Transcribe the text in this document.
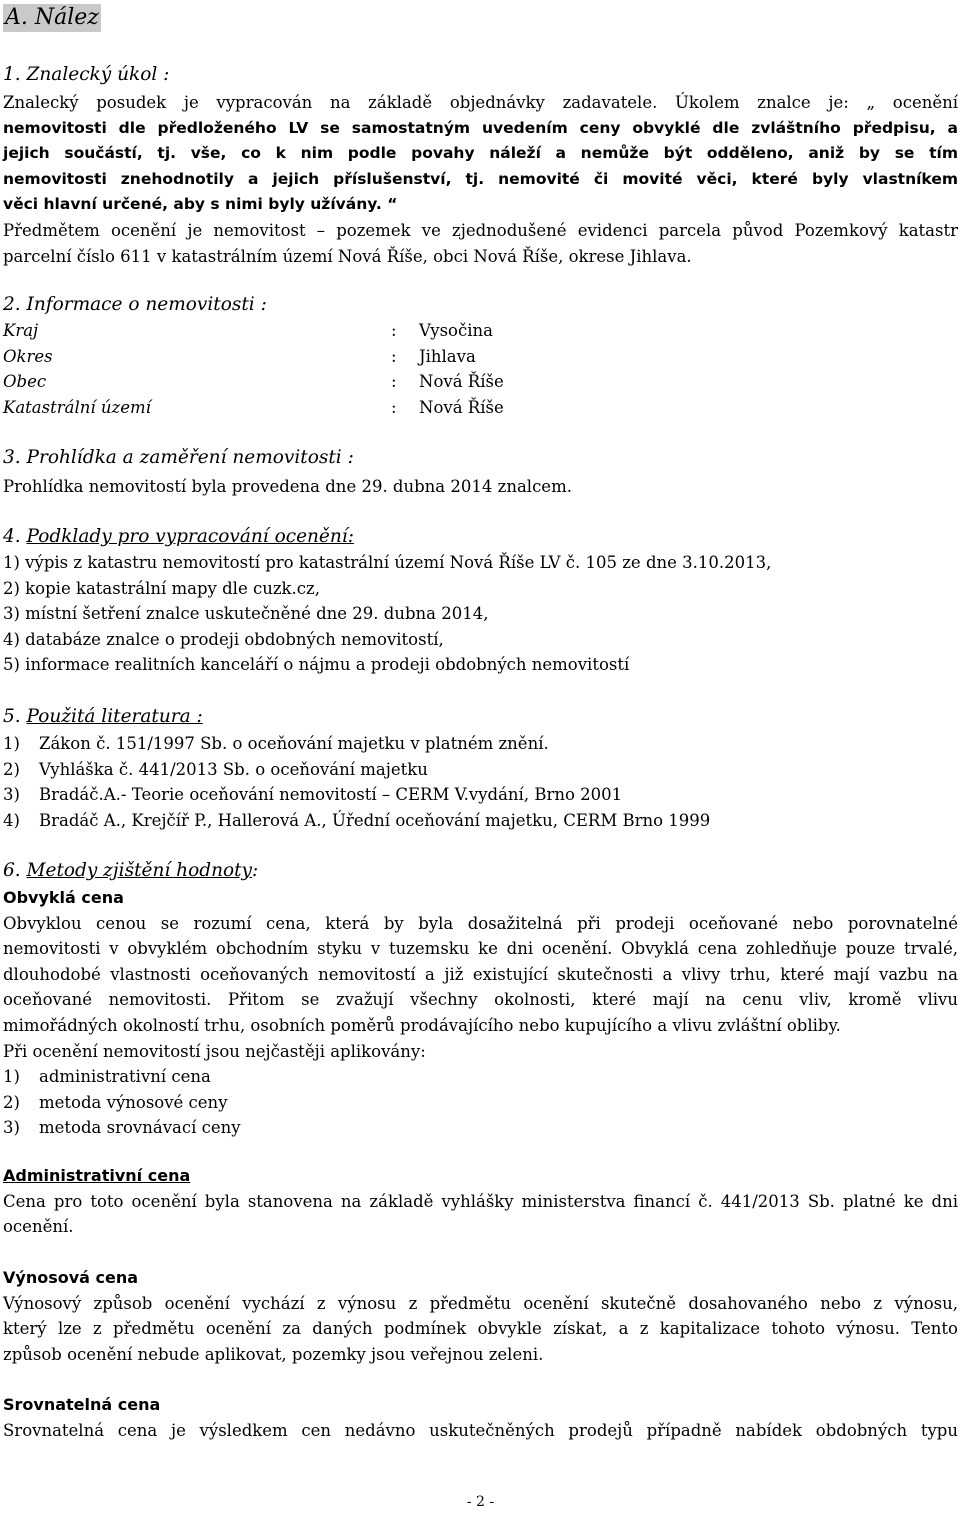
A. Nález
1. Znalecký úkol :
Znalecký posudek je vypracován na základě objednávky zadavatele. Úkolem znalce je: „ ocenění
nemovitosti dle předloženého LV se samostatným uvedením ceny obvyklé dle zvláštního předpisu, a
jejich součástí, tj. vše, co k nim podle povahy náleží a nemůže být odděleno, aniž by se tím
nemovitosti znehodnotily a jejich příslušenství, tj. nemovité či movité věci, které byly vlastníkem
věci hlavní určené, aby s nimi byly užívány. “
Předmětem ocenění je nemovitost – pozemek ve zjednodušené evidenci parcela původ Pozemkový katastr
parcelní číslo 611 v katastrálním území Nová Říše, obci Nová Říše, okrese Jihlava.
2. Informace o nemovitosti :
Kraj	:	Vysočina
Okres	:	Jihlava
Obec	:	Nová Říše
Katastrální území	:	Nová Říše
3. Prohlídka a zaměření nemovitosti :
Prohlídka nemovitostí byla provedena dne 29. dubna 2014 znalcem.
4. Podklady pro vypracování ocenění:
1) výpis z katastru nemovitostí pro katastrální území Nová Říše LV č. 105 ze dne 3.10.2013,
2) kopie katastrální mapy dle cuzk.cz,
3) místní šetření znalce uskutečněné dne 29. dubna 2014,
4) databáze znalce o prodeji obdobných nemovitostí,
5) informace realitních kanceláří o nájmu a prodeji obdobných nemovitostí
5. Použitá literatura :
1)	Zákon č. 151/1997 Sb. o oceňování majetku v platném znění.
2)	Vyhláška č. 441/2013 Sb. o oceňování majetku
3)	Bradáč.A.- Teorie oceňování nemovitostí – CERM V.vydání, Brno 2001
4)	Bradáč A., Krejčíř P., Hallerová A., Úřední oceňování majetku, CERM Brno 1999
6. Metody zjištění hodnoty:
Obvyklá cena
Obvyklou cenou se rozumí cena, která by byla dosažitelná při prodeji oceňované nebo porovnatelné
nemovitosti v obvyklém obchodním styku v tuzemsku ke dni ocenění. Obvyklá cena zohledňuje pouze trvalé,
dlouhodobé vlastnosti oceňovaných nemovitostí a již existující skutečnosti a vlivy trhu, které mají vazbu na
oceňované nemovitosti. Přitom se zvažují všechny okolnosti, které mají na cenu vliv, kromě vlivu
mimořádných okolností trhu, osobních poměrů prodávajícího nebo kupujícího a vlivu zvláštní obliby.
Při ocenění nemovitostí jsou nejčastěji aplikovány:
1)	administrativní cena
2)	metoda výnosové ceny
3)	metoda srovnávací ceny
Administrativní cena
Cena pro toto ocenění byla stanovena na základě vyhlášky ministerstva financí č. 441/2013 Sb. platné ke dni
ocenění.
Výnosová cena
Výnosový způsob ocenění vychází z výnosu z předmětu ocenění skutečně dosahovaného nebo z výnosu,
který lze z předmětu ocenění za daných podmínek obvykle získat, a z kapitalizace tohoto výnosu. Tento
způsob ocenění nebude aplikovat, pozemky jsou veřejnou zeleni.
Srovnatelná cena
Srovnatelná cena je výsledkem cen nedávno uskutečněných prodejů případně nabídek obdobných typu
- 2 -
